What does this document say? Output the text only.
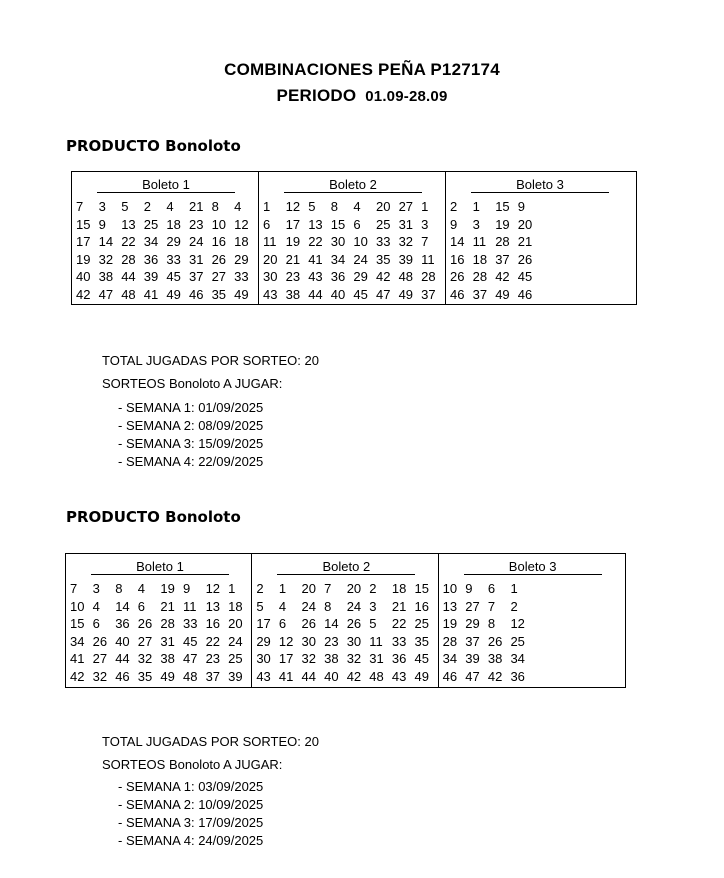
COMBINACIONES PEÑA P127174
PERIODO 01.09-28.09
PRODUCTO Bonoloto
Boleto 1
7 3 5 2 4 21 8 4
15 9 13 25 18 23 10 12
17 14 22 34 29 24 16 18
19 32 28 36 33 31 26 29
40 38 44 39 45 37 27 33
42 47 48 41 49 46 35 49
Boleto 2
1 12 5 8 4 20 27 1
6 17 13 15 6 25 31 3
11 19 22 30 10 33 32 7
20 21 41 34 24 35 39 11
30 23 43 36 29 42 48 28
43 38 44 40 45 47 49 37
Boleto 3
2 1 15 9
9 3 19 20
14 11 28 21
16 18 37 26
26 28 42 45
46 37 49 46
TOTAL JUGADAS POR SORTEO: 20
SORTEOS Bonoloto A JUGAR:
- SEMANA 1: 01/09/2025
- SEMANA 2: 08/09/2025
- SEMANA 3: 15/09/2025
- SEMANA 4: 22/09/2025
PRODUCTO Bonoloto
Boleto 1
7 3 8 4 19 9 12 1
10 4 14 6 21 11 13 18
15 6 36 26 28 33 16 20
34 26 40 27 31 45 22 24
41 27 44 32 38 47 23 25
42 32 46 35 49 48 37 39
Boleto 2
2 1 20 7 20 2 18 15
5 4 24 8 24 3 21 16
17 6 26 14 26 5 22 25
29 12 30 23 30 11 33 35
30 17 32 38 32 31 36 45
43 41 44 40 42 48 43 49
Boleto 3
10 9 6 1
13 27 7 2
19 29 8 12
28 37 26 25
34 39 38 34
46 47 42 36
TOTAL JUGADAS POR SORTEO: 20
SORTEOS Bonoloto A JUGAR:
- SEMANA 1: 03/09/2025
- SEMANA 2: 10/09/2025
- SEMANA 3: 17/09/2025
- SEMANA 4: 24/09/2025
